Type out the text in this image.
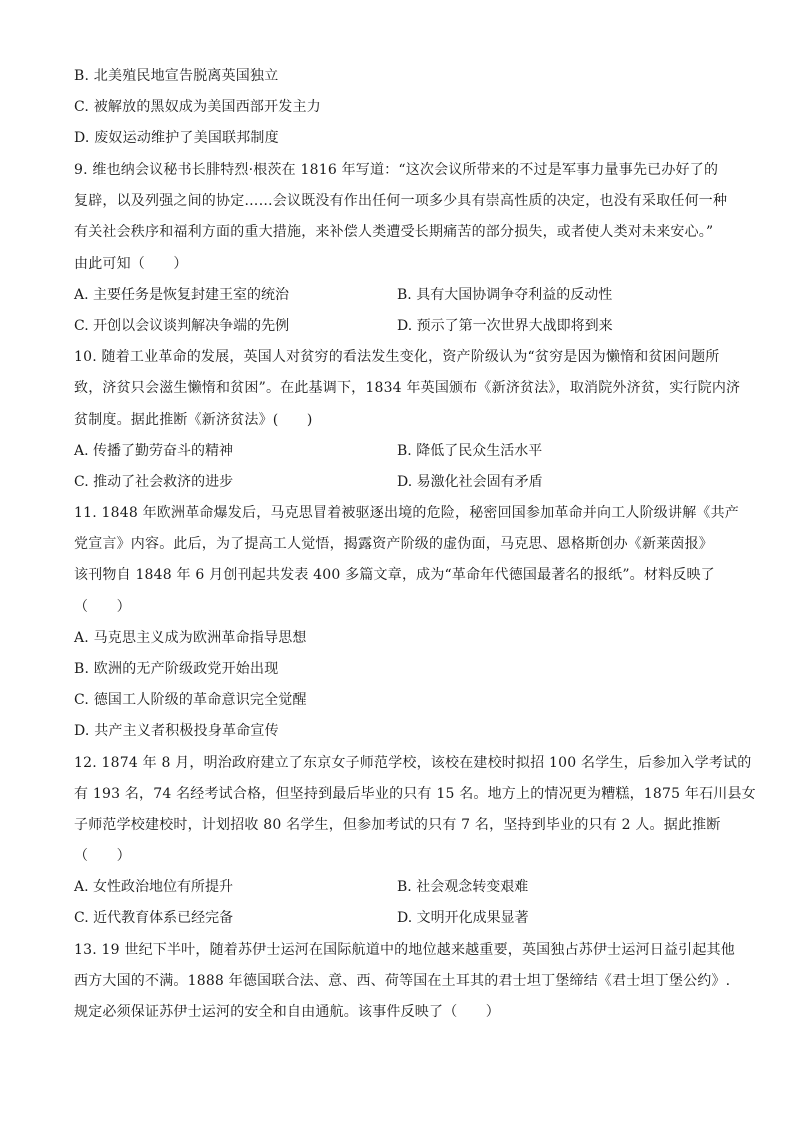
B. 北美殖民地宣告脱离英国独立
C. 被解放的黑奴成为美国西部开发主力
D. 废奴运动维护了美国联邦制度
9. 维也纳会议秘书长腓特烈·根茨在 1816 年写道：“这次会议所带来的不过是军事力量事先已办好了的
复辟，以及列强之间的协定……会议既没有作出任何一项多少具有崇高性质的决定，也没有采取任何一种
有关社会秩序和福利方面的重大措施，来补偿人类遭受长期痛苦的部分损失，或者使人类对未来安心。”
由此可知（　　）
A. 主要任务是恢复封建王室的统治	B. 具有大国协调争夺利益的反动性
C. 开创以会议谈判解决争端的先例	D. 预示了第一次世界大战即将到来
10. 随着工业革命的发展，英国人对贫穷的看法发生变化，资产阶级认为“贫穷是因为懒惰和贫困问题所
致，济贫只会滋生懒惰和贫困”。在此基调下，1834 年英国颁布《新济贫法》，取消院外济贫，实行院内济
贫制度。据此推断《新济贫法》(　　)
A. 传播了勤劳奋斗的精神	B. 降低了民众生活水平
C. 推动了社会救济的进步	D. 易激化社会固有矛盾
11. 1848 年欧洲革命爆发后，马克思冒着被驱逐出境的危险，秘密回国参加革命并向工人阶级讲解《共产
党宣言》内容。此后，为了提高工人觉悟，揭露资产阶级的虚伪面，马克思、恩格斯创办《新莱茵报》
该刊物自 1848 年 6 月创刊起共发表 400 多篇文章，成为“革命年代德国最著名的报纸”。材料反映了
（　　）
A. 马克思主义成为欧洲革命指导思想
B. 欧洲的无产阶级政党开始出现
C. 德国工人阶级的革命意识完全觉醒
D. 共产主义者积极投身革命宣传
12. 1874 年 8 月，明治政府建立了东京女子师范学校，该校在建校时拟招 100 名学生，后参加入学考试的
有 193 名，74 名经考试合格，但坚持到最后毕业的只有 15 名。地方上的情况更为糟糕，1875 年石川县女
子师范学校建校时，计划招收 80 名学生，但参加考试的只有 7 名，坚持到毕业的只有 2 人。据此推断
（　　）
A. 女性政治地位有所提升	B. 社会观念转变艰难
C. 近代教育体系已经完备	D. 文明开化成果显著
13. 19 世纪下半叶，随着苏伊士运河在国际航道中的地位越来越重要，英国独占苏伊士运河日益引起其他
西方大国的不满。1888 年德国联合法、意、西、荷等国在土耳其的君士坦丁堡缔结《君士坦丁堡公约》.
规定必须保证苏伊士运河的安全和自由通航。该事件反映了（　　）
